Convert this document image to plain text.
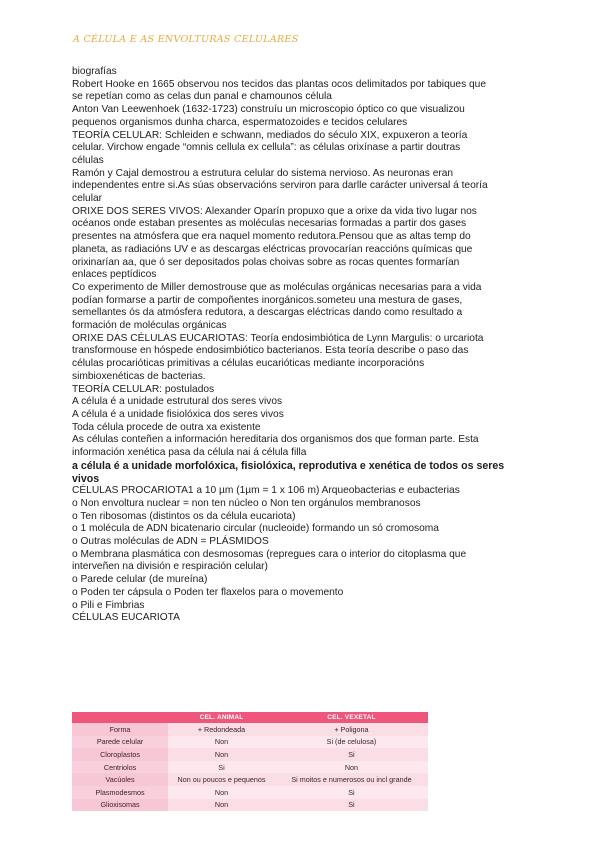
A CÉLULA E AS ENVOLTURAS CELULARES

biografías

Robert Hooke en 1665 observou nos tecidos das plantas ocos delimitados por tabiques que

se repetían como as celas dun panal e chamounos célula

Anton Van Leewenhoek (1632-1723) construíu un microscopio óptico co que visualizou

pequenos organismos dunha charca, espermatozoides e tecidos celulares

TEORÍA CELULAR: Schleiden e schwann, mediados do século XIX, expuxeron a teoría

celular. Virchow engade “omnis cellula ex cellula”: as células orixínase a partir doutras

células

Ramón y Cajal demostrou a estrutura celular do sistema nervioso. As neuronas eran

independentes entre si.As súas observacións serviron para darlle carácter universal á teoría

celular

ORIXE DOS SERES VIVOS: Alexander Oparín propuxo que a orixe da vida tivo lugar nos

océanos onde estaban presentes as moléculas necesarias formadas a partir dos gases

presentes na atmósfera que era naquel momento redutora.Pensou que as altas temp do

planeta, as radiacións UV e as descargas eléctricas provocarían reaccións químicas que

orixinarían aa, que ó ser depositados polas choivas sobre as rocas quentes formarían

enlaces peptídicos

Co experimento de Miller demostrouse que as moléculas orgánicas necesarias para a vida

podían formarse a partir de compoñentes inorgánicos.someteu una mestura de gases,

semellantes ós da atmósfera redutora, a descargas eléctricas dando como resultado a

formación de moléculas orgánicas

ORIXE DAS CÉLULAS EUCARIOTAS: Teoría endosimbiótica de Lynn Margulis: o urcariota

transformouse en hóspede endosimbiótico bacterianos. Esta teoría describe o paso das

células procarióticas primitivas a células eucarióticas mediante incorporacións

simbioxenéticas de bacterias.

TEORÍA CELULAR: postulados

A célula é a unidade estrutural dos seres vivos

A célula é a unidade fisiolóxica dos seres vivos

Toda célula procede de outra xa existente

As células conteñen a información hereditaria dos organismos dos que forman parte. Esta

información xenética pasa da célula nai á célula filla

a célula é a unidade morfolóxica, fisiolóxica, reprodutiva e xenética de todos os seres

vivos

CÉLULAS PROCARIOTA1 a 10 µm (1µm = 1 x 106 m) Arqueobacterias e eubacterias

o Non envoltura nuclear = non ten núcleo o Non ten orgánulos membranosos

o Ten ribosomas (distintos os da célula eucariota)

o 1 molécula de ADN bicatenario circular (nucleoide) formando un só cromosoma

o Outras moléculas de ADN = PLÁSMIDOS

o Membrana plasmática con desmosomas (repregues cara o interior do citoplasma que

interveñen na división e respiración celular)

o Parede celular (de mureína)

o Poden ter cápsula o Poden ter flaxelos para o movemento

o Pili e Fimbrias

CÉLULAS EUCARIOTA

	CEL. ANIMAL	CEL. VEXETAL
Forma	+ Redondeada	+ Poligona
Parede celular	Non	Si (de celulosa)
Cloroplastos	Non	Si
Centriolos	Si	Non
Vacúoles	Non ou poucos e pequenos	Si moitos e numerosos ou incl grande
Plasmodesmos	Non	Si
Glioxisomas	Non	Si
